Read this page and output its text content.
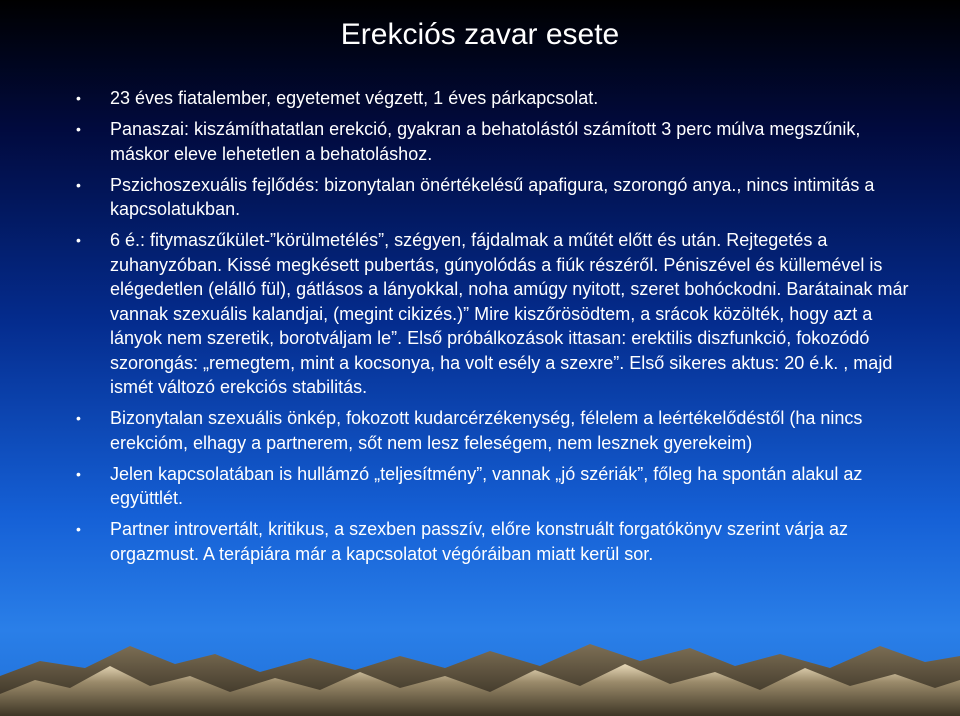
Erekciós zavar esete
• 23 éves fiatalember, egyetemet végzett, 1 éves párkapcsolat.
• Panaszai: kiszámíthatatlan erekció, gyakran a behatolástól számított 3 perc múlva megszűnik, máskor eleve lehetetlen a behatoláshoz.
• Pszichoszexuális fejlődés: bizonytalan önértékelésű apafigura, szorongó anya., nincs intimitás a kapcsolatukban.
• 6 é.: fitymaszűkület-”körülmetélés”, szégyen, fájdalmak a műtét előtt és után. Rejtegetés a zuhanyzóban. Kissé megkésett pubertás, gúnyolódás a fiúk részéről. Péniszével és küllemével is elégedetlen (elálló fül), gátlásos a lányokkal, noha amúgy nyitott, szeret bohóckodni. Barátainak már vannak szexuális kalandjai, (megint cikizés.)” Mire kiszőrösödtem, a srácok közölték, hogy azt a lányok nem szeretik, borotváljam le”. Első próbálkozások ittasan: erektilis diszfunkció, fokozódó szorongás: „remegtem, mint a kocsonya, ha volt esély a szexre”. Első sikeres aktus: 20 é.k. , majd ismét változó erekciós stabilitás.
• Bizonytalan szexuális önkép, fokozott kudarcérzékenység, félelem a leértékelődéstől (ha nincs erekcióm, elhagy a partnerem, sőt nem lesz feleségem, nem lesznek gyerekeim)
• Jelen kapcsolatában is hullámzó „teljesítmény”, vannak „jó szériák”, főleg ha spontán alakul az együttlét.
• Partner introvertált, kritikus, a szexben passzív, előre konstruált forgatókönyv szerint várja az orgazmust. A terápiára már a kapcsolatot végóráiban miatt kerül sor.
